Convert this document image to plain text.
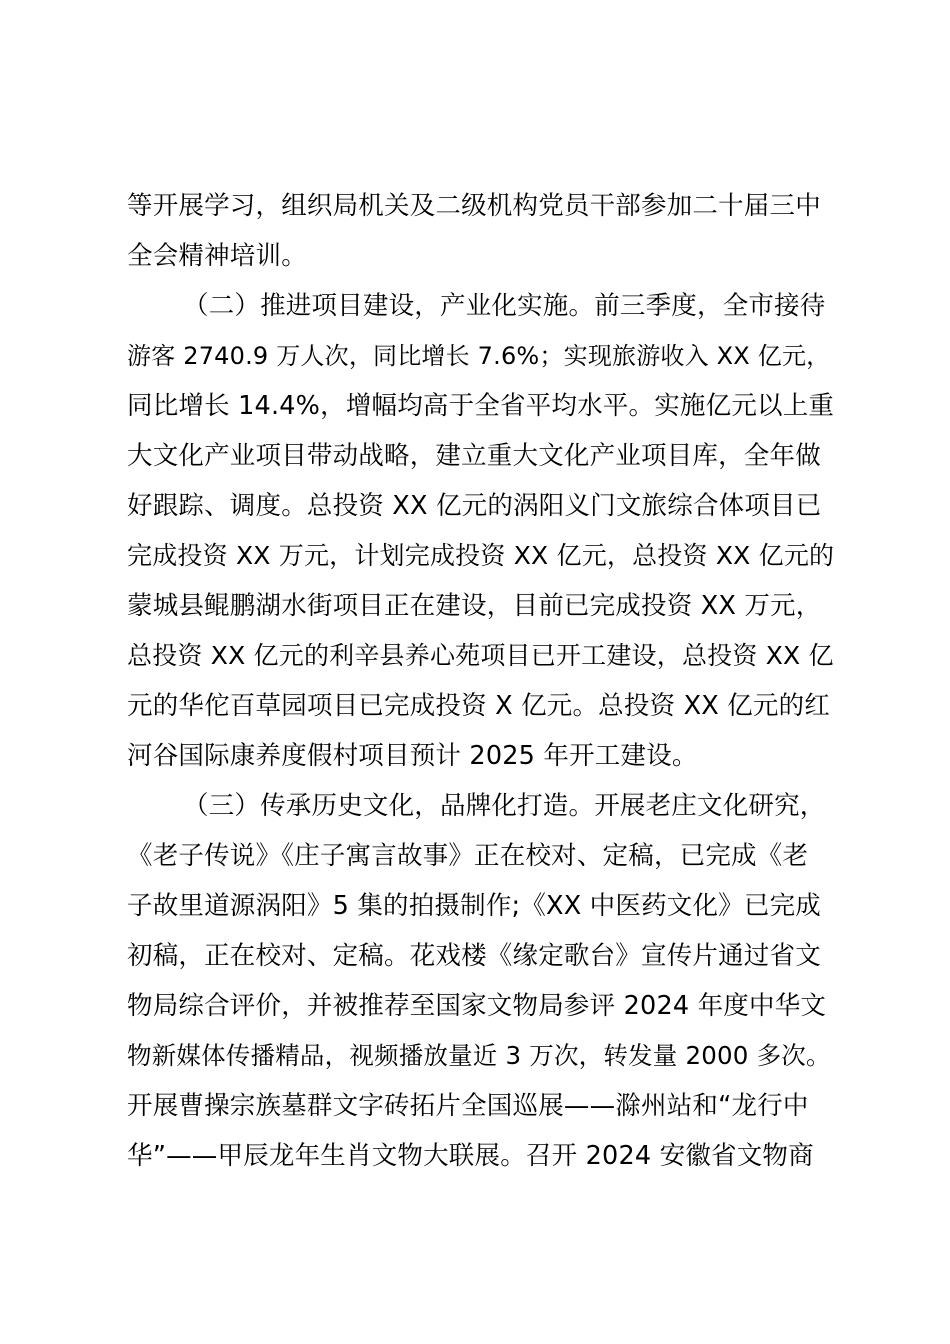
等开展学习，组织局机关及二级机构党员干部参加二十届三中
全会精神培训。
（二）推进项目建设，产业化实施。前三季度，全市接待
游客 2740.9 万人次，同比增长 7.6%；实现旅游收入 XX 亿元，
同比增长 14.4%，增幅均高于全省平均水平。实施亿元以上重
大文化产业项目带动战略，建立重大文化产业项目库，全年做
好跟踪、调度。总投资 XX 亿元的涡阳义门文旅综合体项目已
完成投资 XX 万元，计划完成投资 XX 亿元，总投资 XX 亿元的
蒙城县鲲鹏湖水街项目正在建设，目前已完成投资 XX 万元，
总投资 XX 亿元的利辛县养心苑项目已开工建设，总投资 XX 亿
元的华佗百草园项目已完成投资 X 亿元。总投资 XX 亿元的红
河谷国际康养度假村项目预计 2025 年开工建设。
（三）传承历史文化，品牌化打造。开展老庄文化研究，
《老子传说》《庄子寓言故事》正在校对、定稿，已完成《老
子故里道源涡阳》5 集的拍摄制作;《XX 中医药文化》已完成
初稿，正在校对、定稿。花戏楼《缘定歌台》宣传片通过省文
物局综合评价，并被推荐至国家文物局参评 2024 年度中华文
物新媒体传播精品，视频播放量近 3 万次，转发量 2000 多次。
开展曹操宗族墓群文字砖拓片全国巡展——滁州站和“龙行中
华”——甲辰龙年生肖文物大联展。召开 2024 安徽省文物商
